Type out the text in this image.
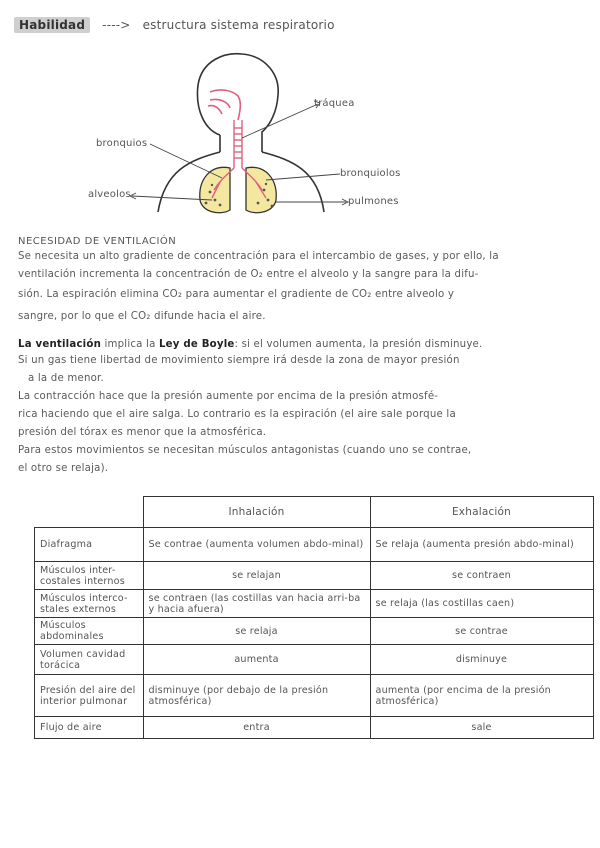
Habilidad ----> estructura sistema respiratorio
tráquea
bronquios
bronquiolos
alveolos
pulmones
NECESIDAD DE VENTILACIÓN
Se necesita un alto gradiente de concentración para el intercambio de gases, y por ello, la
ventilación incrementa la concentración de O₂ entre el alveolo y la sangre para la difu-
sión. La espiración elimina CO₂ para aumentar el gradiente de CO₂ entre alveolo y
sangre, por lo que el CO₂ difunde hacia el aire.
La ventilación implica la Ley de Boyle: si el volumen aumenta, la presión disminuye.
Si un gas tiene libertad de movimiento siempre irá desde la zona de mayor presión
a la de menor.
La contracción hace que la presión aumente por encima de la presión atmosfé-
rica haciendo que el aire salga. Lo contrario es la espiración (el aire sale porque la
presión del tórax es menor que la atmosférica.
Para estos movimientos se necesitan músculos antagonistas (cuando uno se contrae,
el otro se relaja).
	Inhalación	Exhalación
Diafragma	Se contrae (aumenta volumen abdo-minal)	Se relaja (aumenta presión abdo-minal)
Músculos inter-costales internos	se relajan	se contraen
Músculos interco-stales externos	se contraen (las costillas van hacia arri-ba y hacia afuera)	se relaja (las costillas caen)
Músculos abdominales	se relaja	se contrae
Volumen cavidad torácica	aumenta	disminuye
Presión del aire del interior pulmonar	disminuye (por debajo de la presión atmosférica)	aumenta (por encima de la presión atmosférica)
Flujo de aire	entra	sale
